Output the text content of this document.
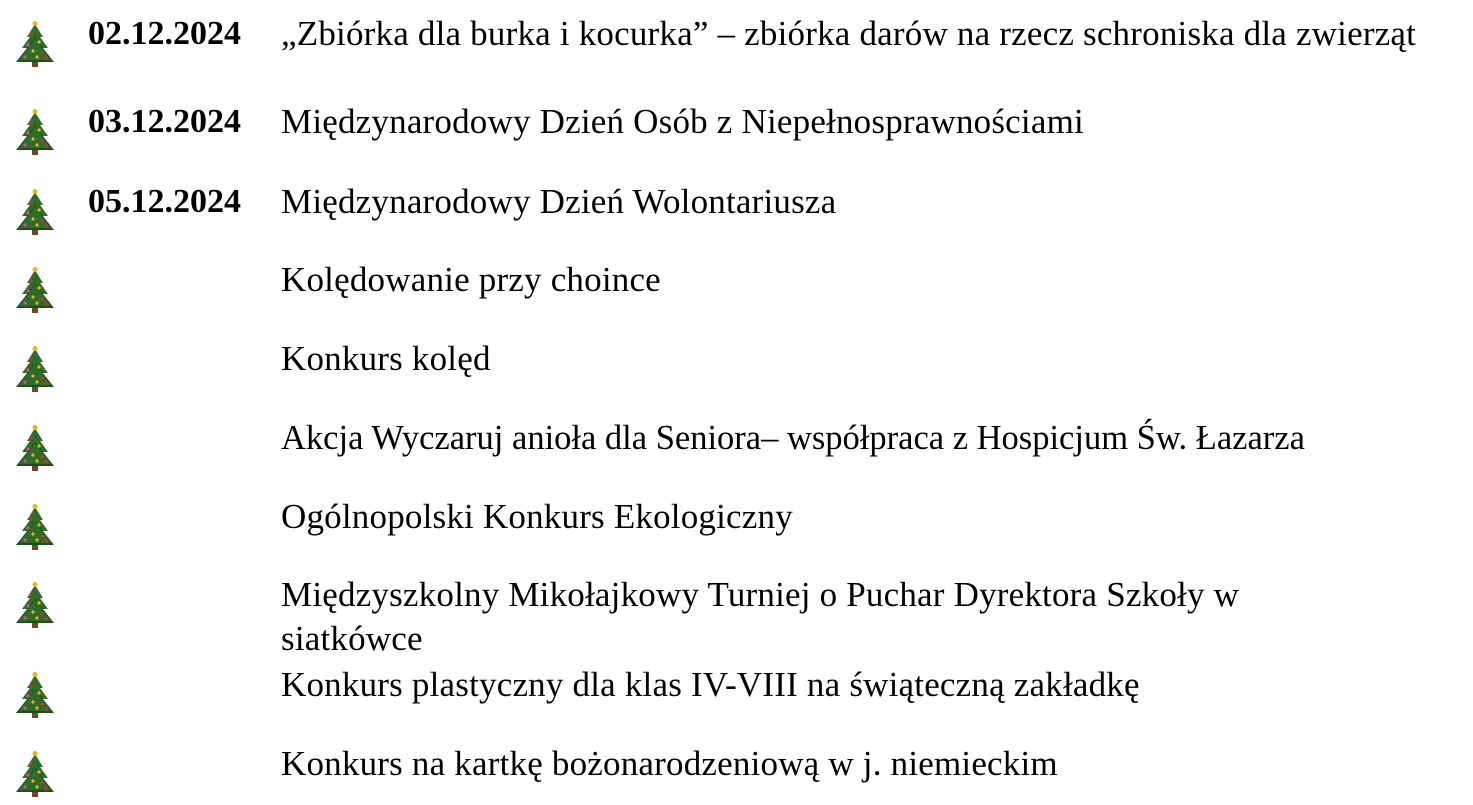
02.12.2024 „Zbiórka dla burka i kocurka” – zbiórka darów na rzecz schroniska dla zwierząt
03.12.2024 Międzynarodowy Dzień Osób z Niepełnosprawnościami
05.12.2024 Międzynarodowy Dzień Wolontariusza
Kolędowanie przy choince
Konkurs kolęd
Akcja Wyczaruj anioła dla Seniora– współpraca z Hospicjum Św. Łazarza
Ogólnopolski Konkurs Ekologiczny
Międzyszkolny Mikołajkowy Turniej o Puchar Dyrektora Szkoły w siatkówce
Konkurs plastyczny dla klas IV-VIII na świąteczną zakładkę
Konkurs na kartkę bożonarodzeniową w j. niemieckim
